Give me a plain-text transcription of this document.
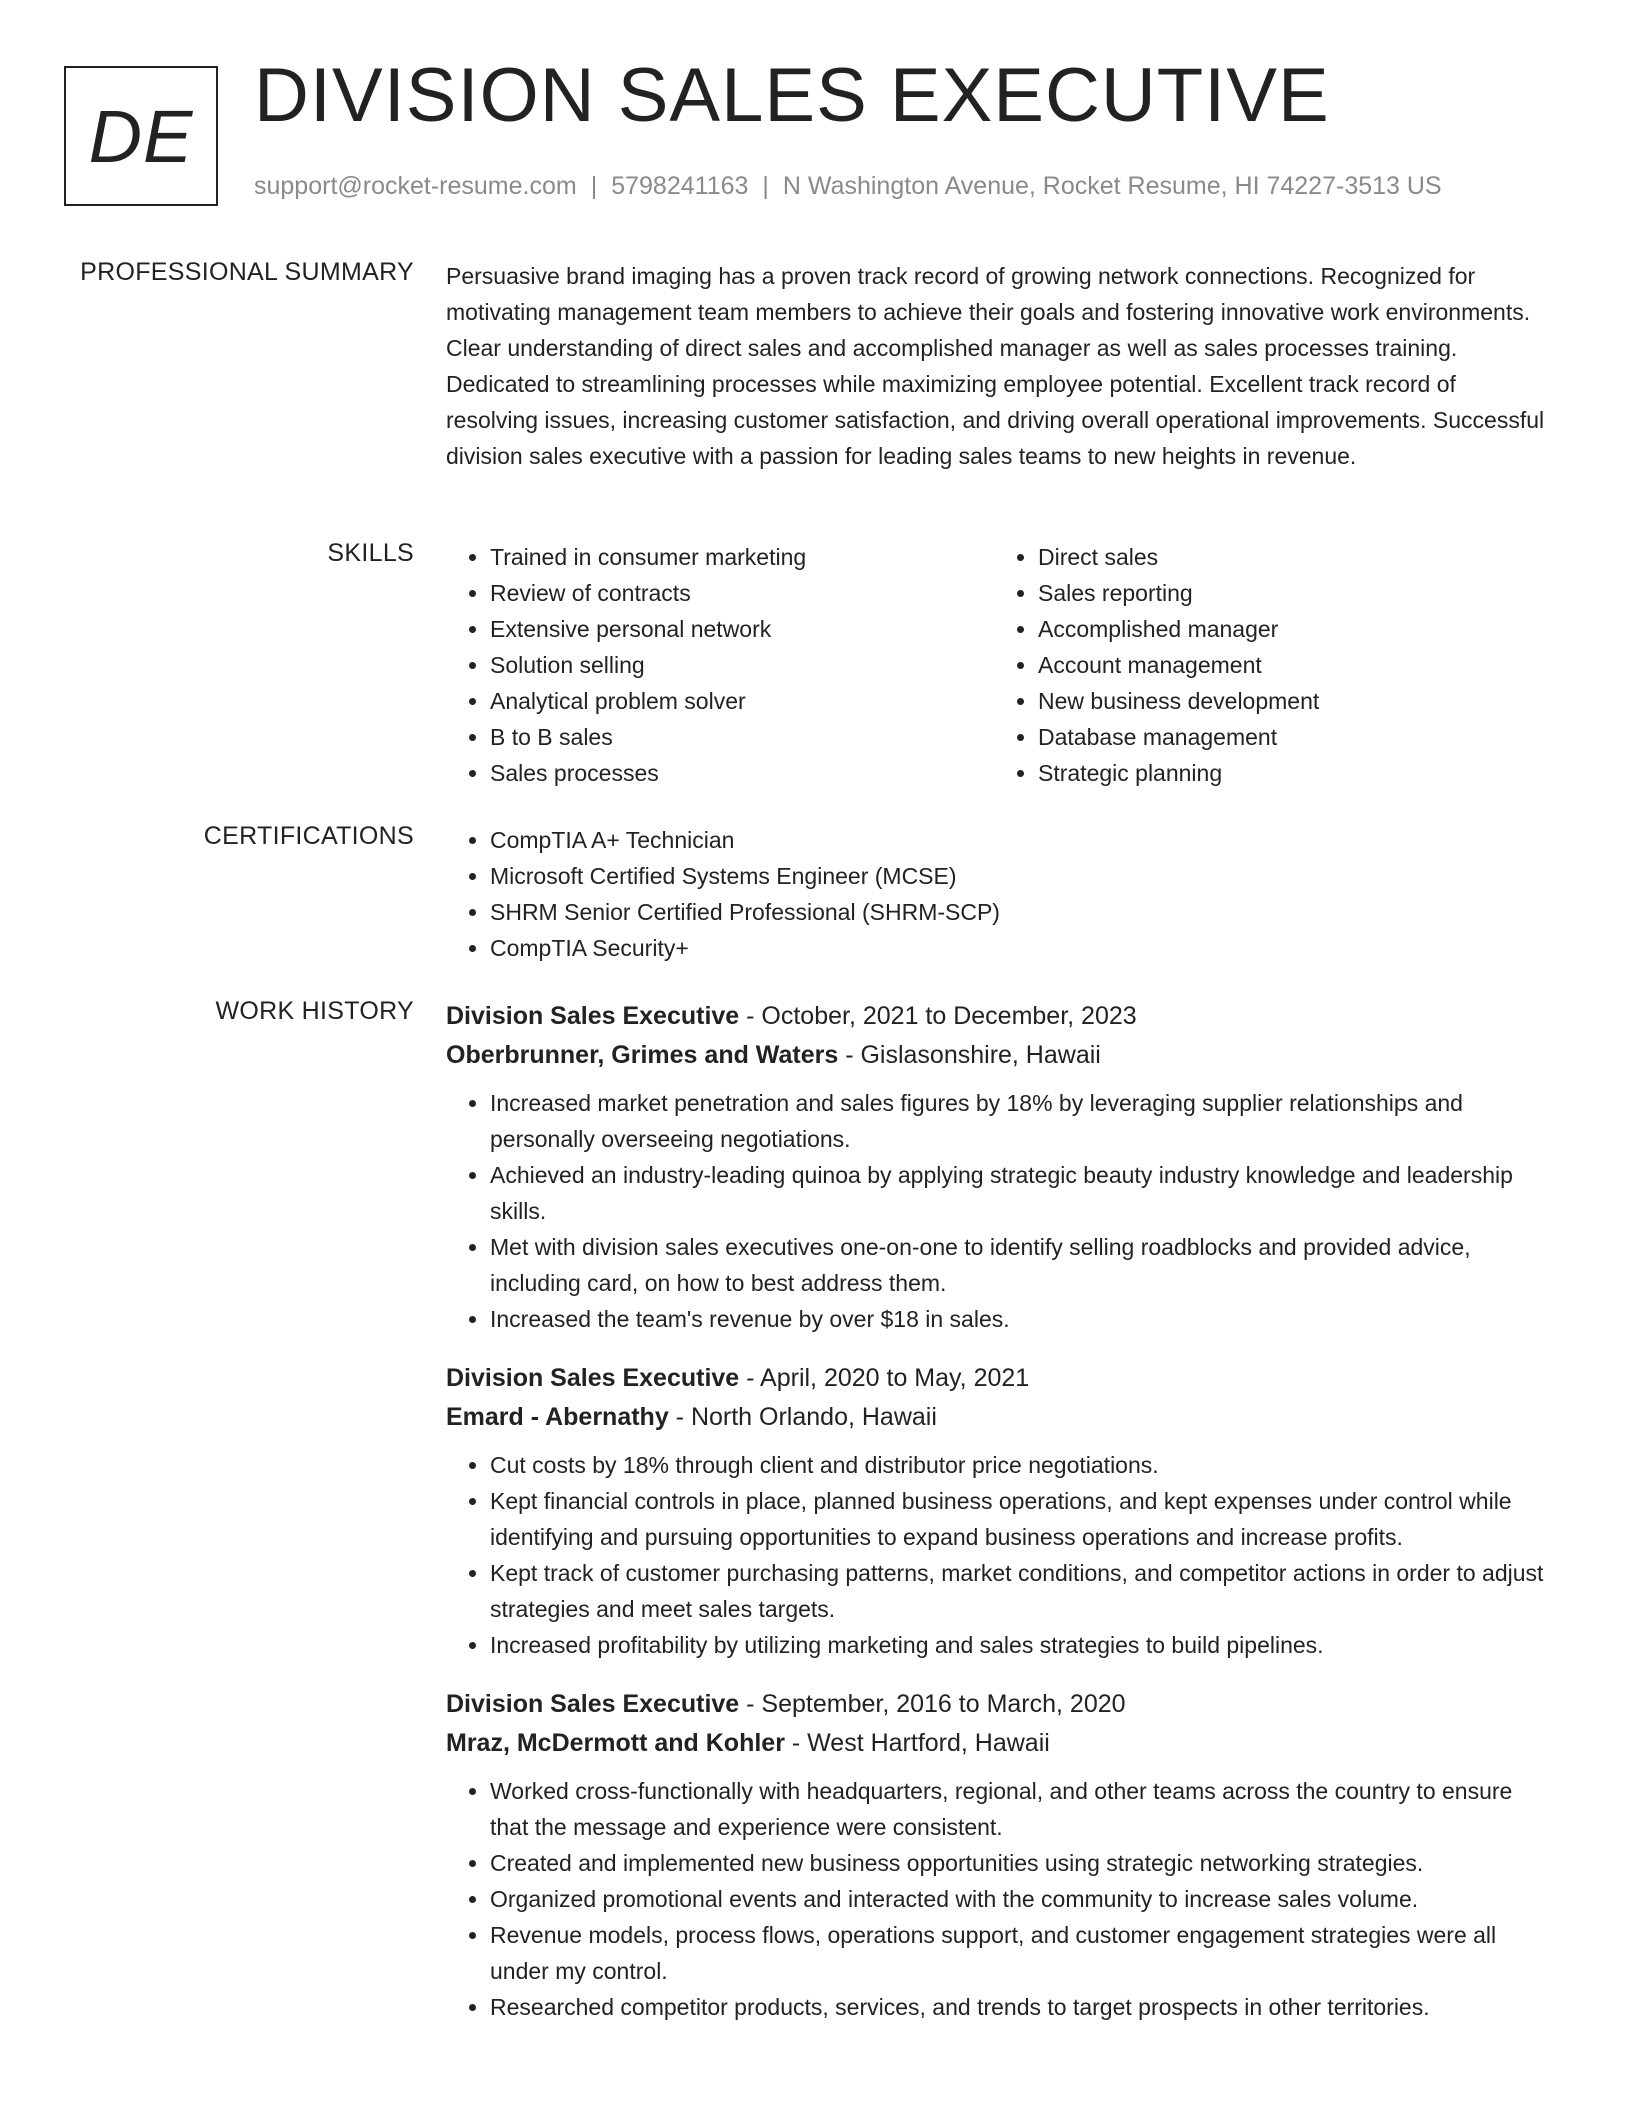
DE DIVISION SALES EXECUTIVE
support@rocket-resume.com | 5798241163 | N Washington Avenue, Rocket Resume, HI 74227-3513 US
PROFESSIONAL SUMMARY Persuasive brand imaging has a proven track record of growing network connections. Recognized for motivating management team members to achieve their goals and fostering innovative work environments. Clear understanding of direct sales and accomplished manager as well as sales processes training. Dedicated to streamlining processes while maximizing employee potential. Excellent track record of resolving issues, increasing customer satisfaction, and driving overall operational improvements. Successful division sales executive with a passion for leading sales teams to new heights in revenue.
SKILLS	• Trained in consumer marketing
• Review of contracts
• Extensive personal network
• Solution selling
• Analytical problem solver
• B to B sales
• Sales processes
• Direct sales
• Sales reporting
• Accomplished manager
• Account management
• New business development
• Database management
• Strategic planning
CERTIFICATIONS	• CompTIA A+ Technician
• Microsoft Certified Systems Engineer (MCSE)
• SHRM Senior Certified Professional (SHRM-SCP)
• CompTIA Security+
WORK HISTORY Division Sales Executive - October, 2021 to December, 2023
Oberbrunner, Grimes and Waters - Gislasonshire, Hawaii
• Increased market penetration and sales figures by 18% by leveraging supplier relationships and personally overseeing negotiations.
• Achieved an industry-leading quinoa by applying strategic beauty industry knowledge and leadership skills.
• Met with division sales executives one-on-one to identify selling roadblocks and provided advice, including card, on how to best address them.
• Increased the team's revenue by over $18 in sales.
Division Sales Executive - April, 2020 to May, 2021
Emard - Abernathy - North Orlando, Hawaii
• Cut costs by 18% through client and distributor price negotiations.
• Kept financial controls in place, planned business operations, and kept expenses under control while identifying and pursuing opportunities to expand business operations and increase profits.
• Kept track of customer purchasing patterns, market conditions, and competitor actions in order to adjust strategies and meet sales targets.
• Increased profitability by utilizing marketing and sales strategies to build pipelines.
Division Sales Executive - September, 2016 to March, 2020
Mraz, McDermott and Kohler - West Hartford, Hawaii
• Worked cross-functionally with headquarters, regional, and other teams across the country to ensure that the message and experience were consistent.
• Created and implemented new business opportunities using strategic networking strategies.
• Organized promotional events and interacted with the community to increase sales volume.
• Revenue models, process flows, operations support, and customer engagement strategies were all under my control.
• Researched competitor products, services, and trends to target prospects in other territories.
